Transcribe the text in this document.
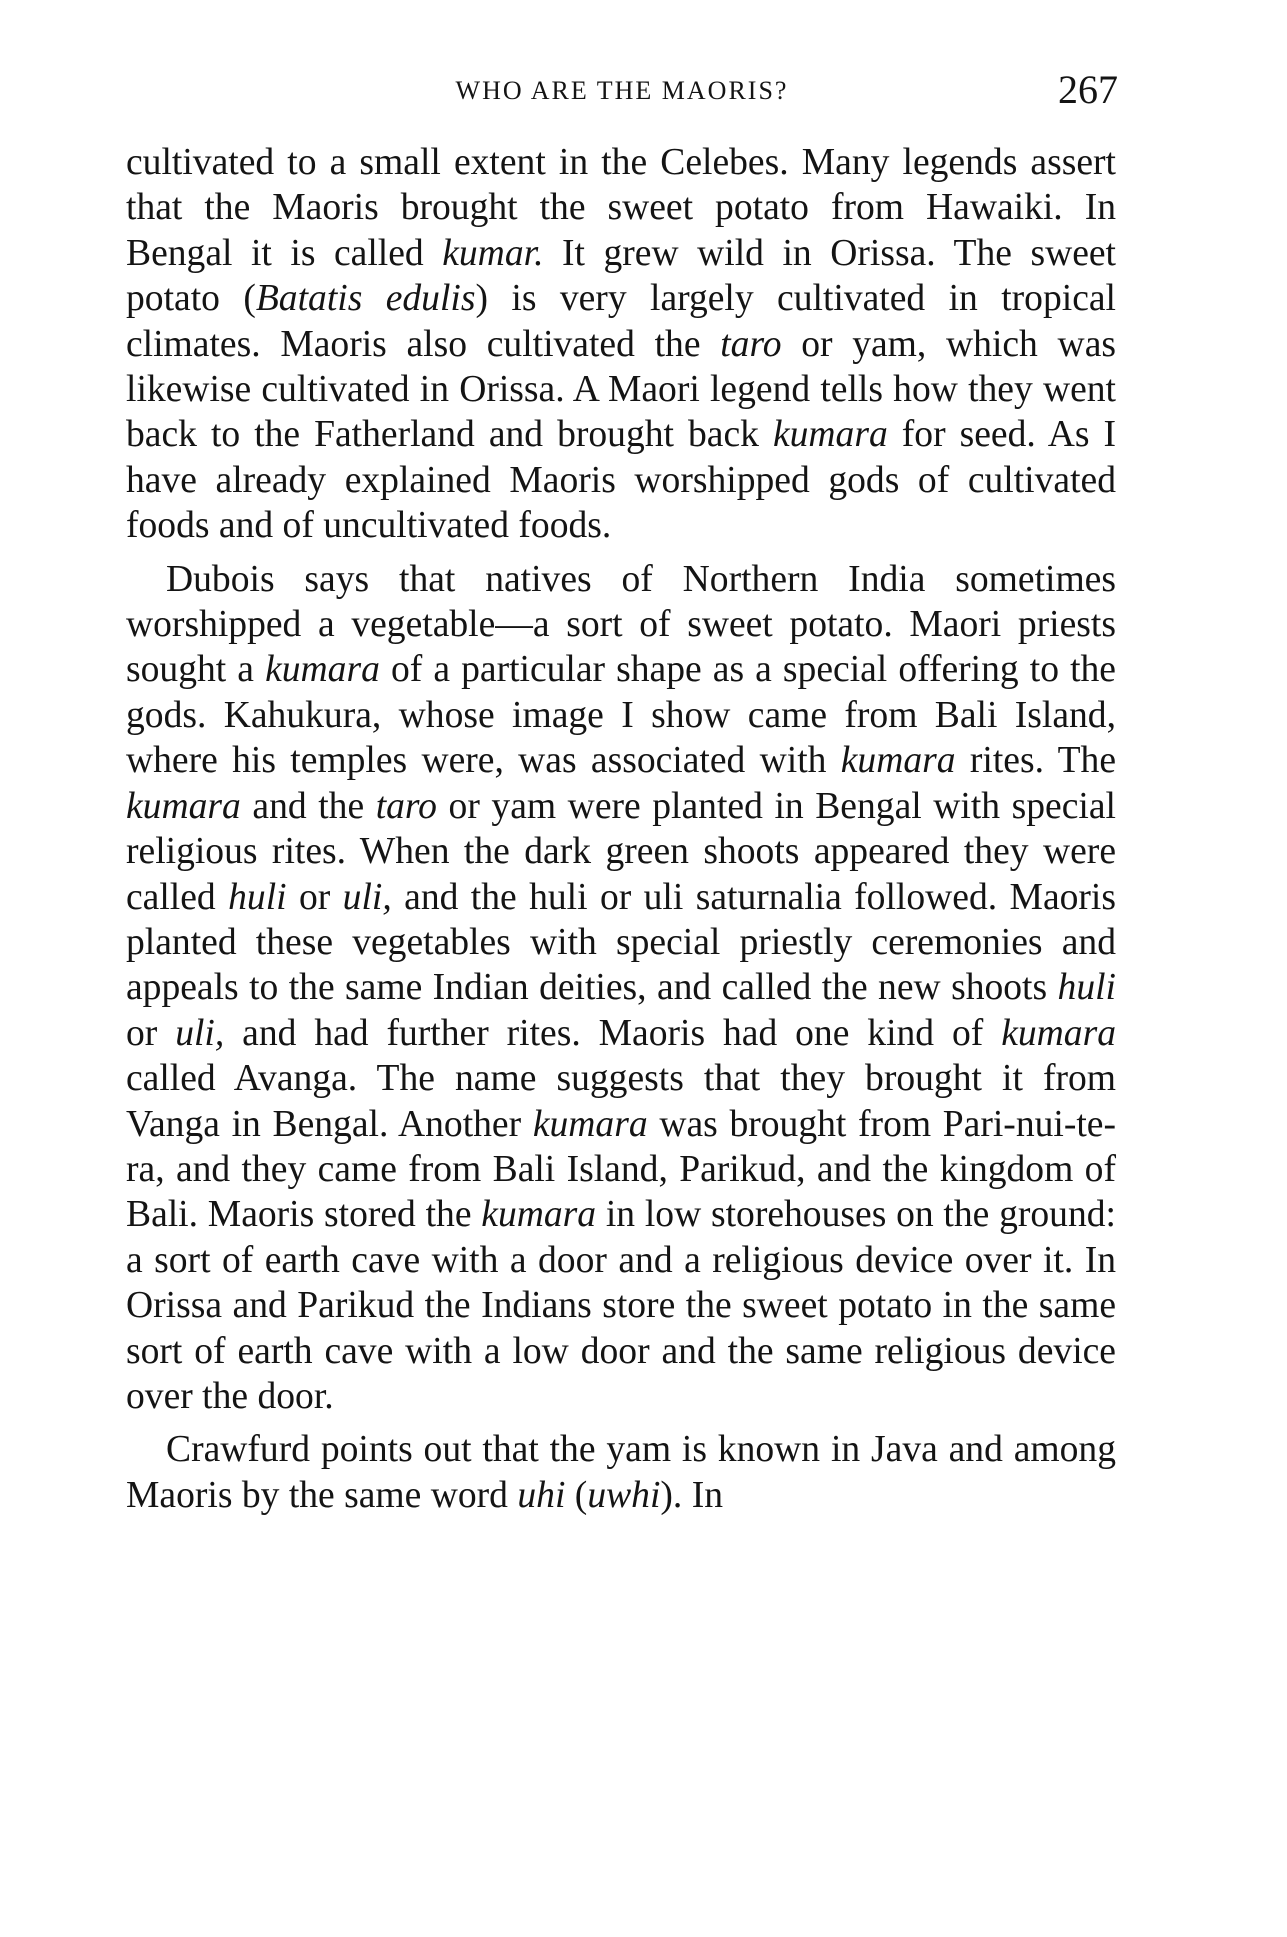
WHO ARE THE MAORIS?	267

cultivated to a small extent in the Celebes. Many legends assert that the Maoris brought the sweet potato from Hawaiki. In Bengal it is called kumar. It grew wild in Orissa. The sweet potato (Batatis edulis) is very largely cultivated in tropical climates. Maoris also cultivated the taro or yam, which was likewise cultivated in Orissa. A Maori legend tells how they went back to the Fatherland and brought back kumara for seed. As I have already explained Maoris worshipped gods of cultivated foods and of uncultivated foods.

Dubois says that natives of Northern India sometimes worshipped a vegetable—a sort of sweet potato. Maori priests sought a kumara of a particular shape as a special offering to the gods. Kahukura, whose image I show came from Bali Island, where his temples were, was associated with kumara rites. The kumara and the taro or yam were planted in Bengal with special religious rites. When the dark green shoots appeared they were called huli or uli, and the huli or uli saturnalia followed. Maoris planted these vegetables with special priestly ceremonies and appeals to the same Indian deities, and called the new shoots huli or uli, and had further rites. Maoris had one kind of kumara called Avanga. The name suggests that they brought it from Vanga in Bengal. Another kumara was brought from Pari-nui-te-ra, and they came from Bali Island, Parikud, and the kingdom of Bali. Maoris stored the kumara in low storehouses on the ground: a sort of earth cave with a door and a religious device over it. In Orissa and Parikud the Indians store the sweet potato in the same sort of earth cave with a low door and the same religious device over the door.

Crawfurd points out that the yam is known in Java and among Maoris by the same word uhi (uwhi). In
